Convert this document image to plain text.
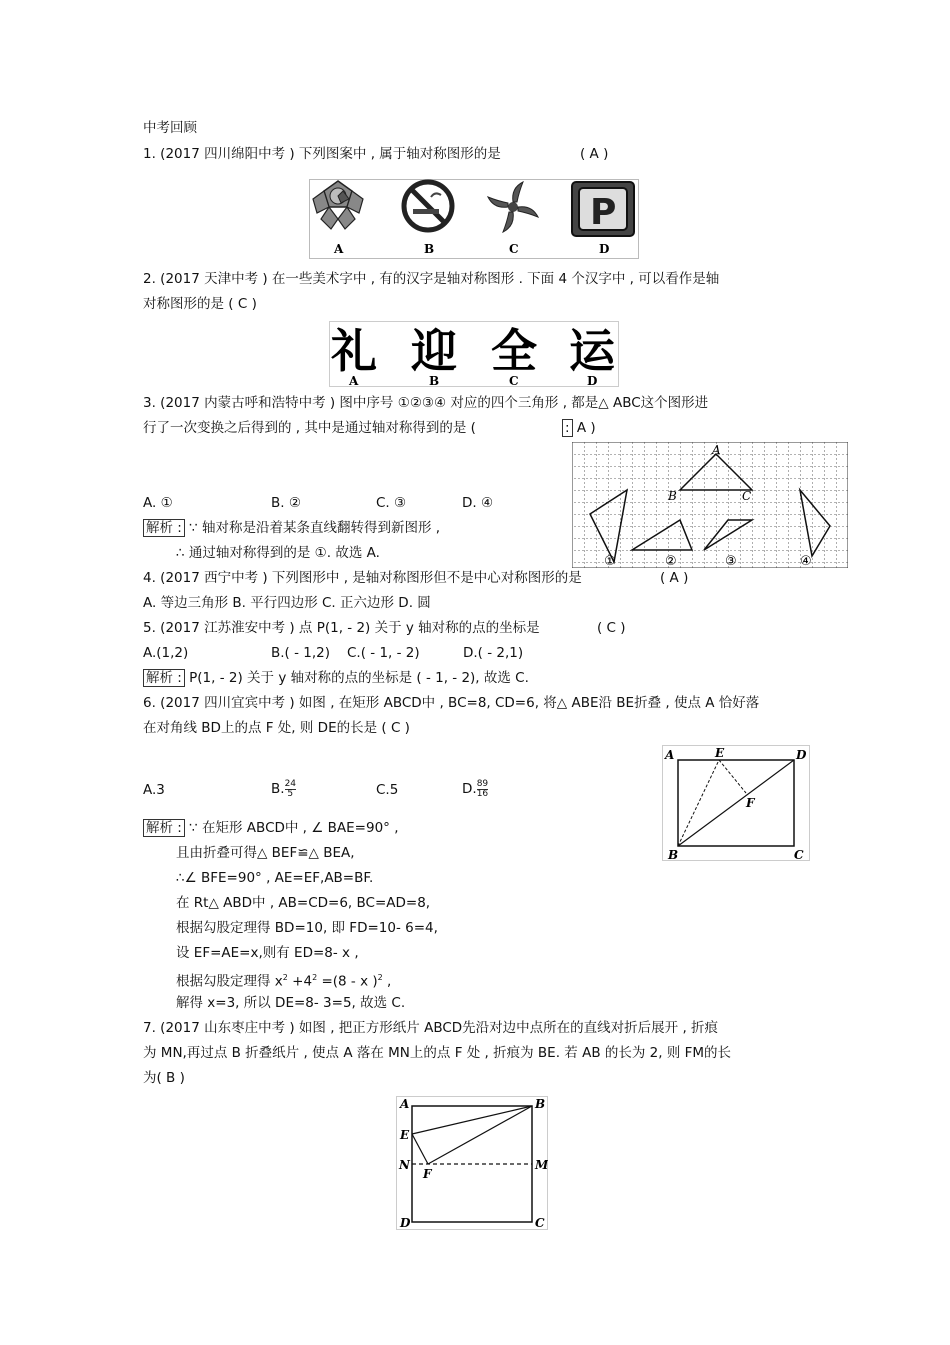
中考回顾
1. (2017 四川绵阳中考 ) 下列图案中 , 属于轴对称图形的是	( A )
A	B	C
P
D
2. (2017 天津中考 ) 在一些美术字中 , 有的汉字是轴对称图形 . 下面 4 个汉字中 , 可以看作是轴
对称图形的是 ( C )
礼 迎 全 运
A	B	C	D
3. (2017 内蒙古呼和浩特中考 ) 图中序号 ①②③④ 对应的四个三角形 , 都是△ ABC这个图形进
行了一次变换之后得到的 , 其中是通过轴对称得到的是 (	: A )
A
B	C
①	②	③	④
A. ①	B. ②	C. ③	D. ④
解析 : ∵ 轴对称是沿着某条直线翻转得到新图形 ,
∴ 通过轴对称得到的是 ①. 故选 A.
4. (2017 西宁中考 ) 下列图形中 , 是轴对称图形但不是中心对称图形的是	( A )
A. 等边三角形 B. 平行四边形 C. 正六边形 D. 圆
5. (2017 江苏淮安中考 ) 点 P(1, - 2) 关于 y 轴对称的点的坐标是	( C )
A.(1,2)	B.( - 1,2) C.( - 1, - 2)	D.( - 2,1)
解析 : P(1, - 2) 关于 y 轴对称的点的坐标是 ( - 1, - 2), 故选 C.
6. (2017 四川宜宾中考 ) 如图 , 在矩形 ABCD中 , BC=8, CD=6, 将△ ABE沿 BE折叠 , 使点 A 恰好落
在对角线 BD上的点 F 处, 则 DE的长是 ( C )
A	E	D
F
B	C
A.3	B. $\frac{24}{5}$	C.5	D. $\frac{89}{16}$
解析 : ∵ 在矩形 ABCD中 , ∠ BAE=90° ,
且由折叠可得△ BEF≌△ BEA,
∴∠ BFE=90° , AE=EF,AB=BF.
在 Rt△ ABD中 , AB=CD=6, BC=AD=8,
根据勾股定理得 BD=10, 即 FD=10- 6=4,
设 EF=AE=x,则有 ED=8- x ,
根据勾股定理得 $x^2 +4^2 =(8 - x$ )$^2$ ,
解得 x=3, 所以 DE=8- 3=5, 故选 C.
7. (2017 山东枣庄中考 ) 如图 , 把正方形纸片 ABCD先沿对边中点所在的直线对折后展开 , 折痕
为 MN,再过点 B 折叠纸片 , 使点 A 落在 MN上的点 F 处 , 折痕为 BE. 若 AB 的长为 2, 则 FM的长
为( B )
A	B
E
N	M
F
D	C
